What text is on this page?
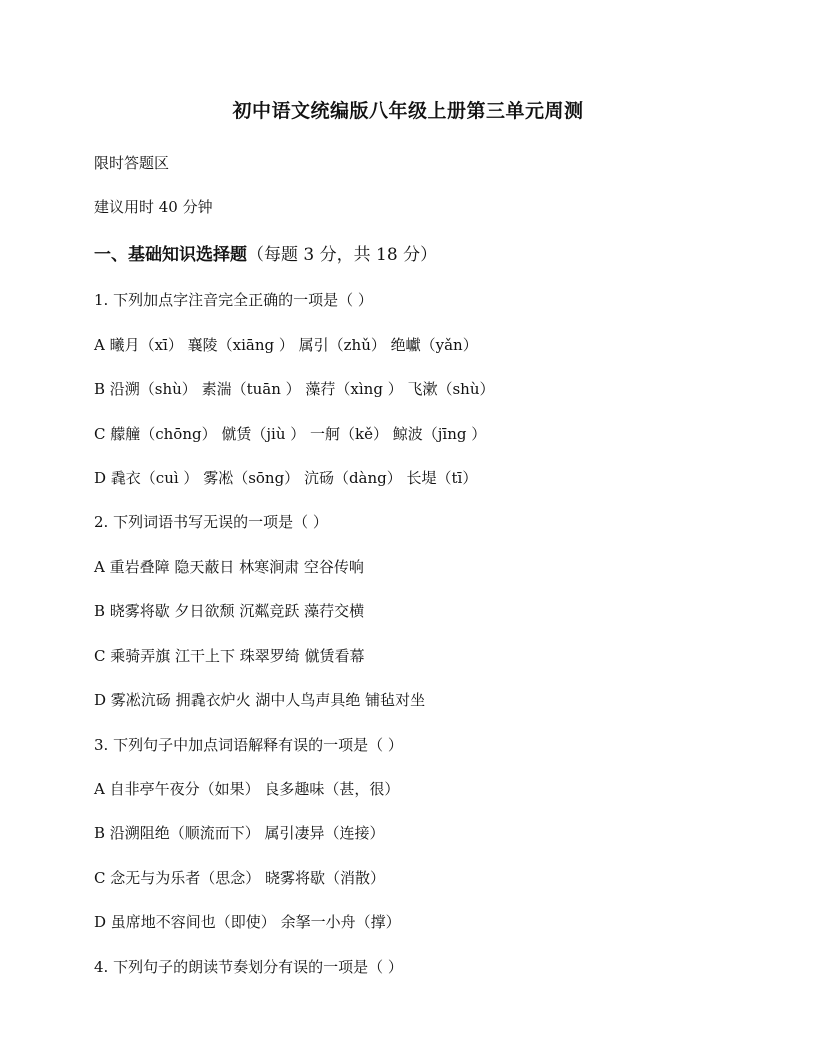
初中语文统编版八年级上册第三单元周测
限时答题区
建议用时 40 分钟
一、基础知识选择题（每题 3 分，共 18 分）
1. 下列加点字注音完全正确的一项是（ ）
A 曦月（xī） 襄陵（xiāng ） 属引（zhǔ） 绝巘（yǎn）
B 沿溯（shù） 素湍（tuān ） 藻荇（xìng ） 飞漱（shù）
C 艨艟（chōng） 僦赁（jiù ） 一舸（kě） 鲸波（jīng ）
D 毳衣（cuì ） 雾凇（sōng） 沆砀（dàng） 长堤（tī）
2. 下列词语书写无误的一项是（ ）
A 重岩叠障 隐天蔽日 林寒涧肃 空谷传响
B 晓雾将歇 夕日欲颓 沉粼竞跃 藻荇交横
C 乘骑弄旗 江干上下 珠翠罗绮 僦赁看幕
D 雾凇沆砀 拥毳衣炉火 湖中人鸟声具绝 铺毡对坐
3. 下列句子中加点词语解释有误的一项是（ ）
A 自非亭午夜分（如果） 良多趣味（甚，很）
B 沿溯阻绝（顺流而下） 属引凄异（连接）
C 念无与为乐者（思念） 晓雾将歇（消散）
D 虽席地不容间也（即使） 余拏一小舟（撑）
4. 下列句子的朗读节奏划分有误的一项是（ ）
